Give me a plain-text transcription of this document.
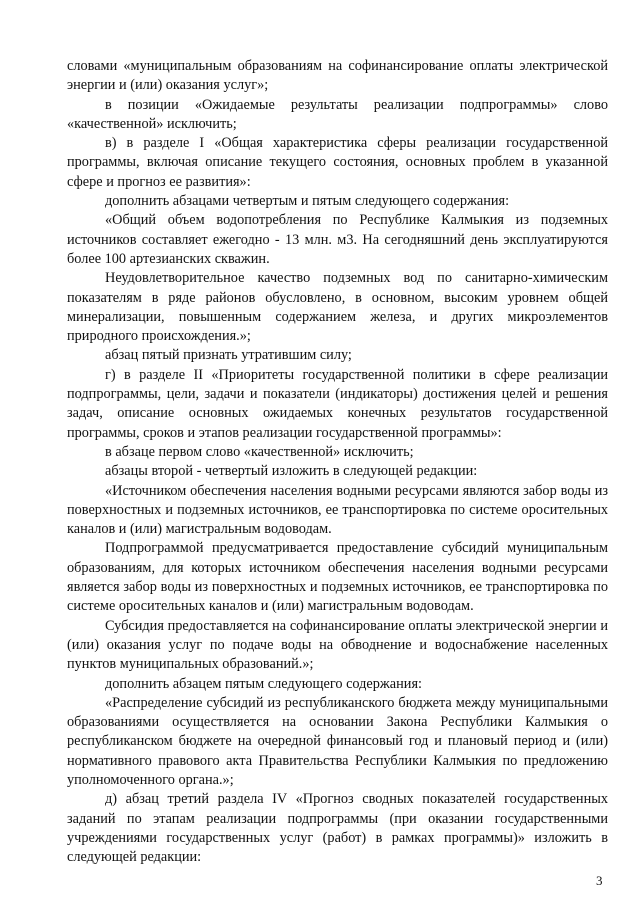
словами «муниципальным образованиям на софинансирование оплаты электрической энергии и (или) оказания услуг»;

в позиции «Ожидаемые результаты реализации подпрограммы» слово «качественной» исключить;

в) в разделе I «Общая характеристика сферы реализации государственной программы, включая описание текущего состояния, основных проблем в указанной сфере и прогноз ее развития»:

дополнить абзацами четвертым и пятым следующего содержания:

«Общий объем водопотребления по Республике Калмыкия из подземных источников составляет ежегодно - 13 млн. м3. На сегодняшний день эксплуатируются более 100 артезианских скважин.

Неудовлетворительное качество подземных вод по санитарно-химическим показателям в ряде районов обусловлено, в основном, высоким уровнем общей минерализации, повышенным содержанием железа, и других микроэлементов природного происхождения.»;

абзац пятый признать утратившим силу;

г) в разделе II «Приоритеты государственной политики в сфере реализации подпрограммы, цели, задачи и показатели (индикаторы) достижения целей и решения задач, описание основных ожидаемых конечных результатов государственной программы, сроков и этапов реализации государственной программы»:

в абзаце первом слово «качественной» исключить;

абзацы второй - четвертый изложить в следующей редакции:

«Источником обеспечения населения водными ресурсами являются забор воды из поверхностных и подземных источников, ее транспортировка по системе оросительных каналов и (или) магистральным водоводам.

Подпрограммой предусматривается предоставление субсидий муниципальным образованиям, для которых источником обеспечения населения водными ресурсами является забор воды из поверхностных и подземных источников, ее транспортировка по системе оросительных каналов и (или) магистральным водоводам.

Субсидия предоставляется на софинансирование оплаты электрической энергии и (или) оказания услуг по подаче воды на обводнение и водоснабжение населенных пунктов муниципальных образований.»;

дополнить абзацем пятым следующего содержания:

«Распределение субсидий из республиканского бюджета между муниципальными образованиями осуществляется на основании Закона Республики Калмыкия о республиканском бюджете на очередной финансовый год и плановый период и (или) нормативного правового акта Правительства Республики Калмыкия по предложению уполномоченного органа.»;

д) абзац третий раздела IV «Прогноз сводных показателей государственных заданий по этапам реализации подпрограммы (при оказании государственными учреждениями государственных услуг (работ) в рамках программы)» изложить в следующей редакции:

3
